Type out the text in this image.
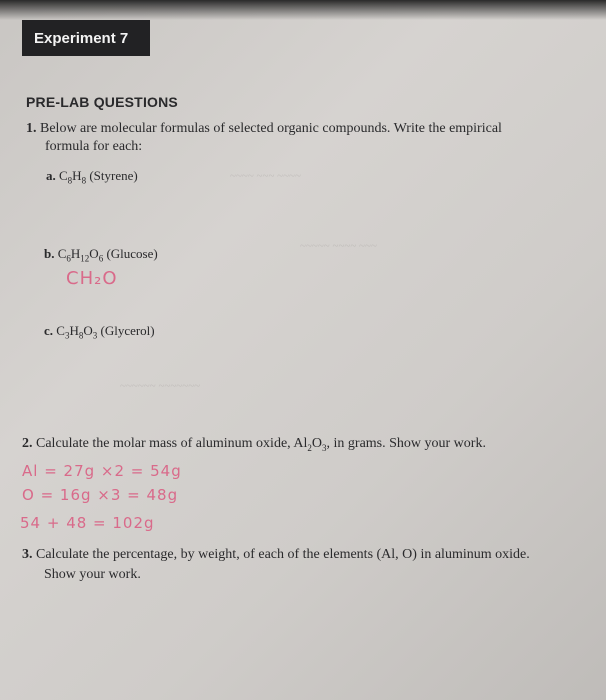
Experiment 7
PRE-LAB QUESTIONS
~~~~ ~~~ ~~~~
~~~~~ ~~~~ ~~~
~~~~~~ ~~~~~~~
1. Below are molecular formulas of selected organic compounds. Write the empirical
formula for each:
a. $C_8H_8$ (Styrene)
b. $C_6H_{12}O_6$ (Glucose)
CH₂O
c. $C_3H_8O_3$ (Glycerol)
2. Calculate the molar mass of aluminum oxide, $Al_2O_3$, in grams. Show your work.
Al = 27g ×2 = 54g
O = 16g ×3 = 48g
54 + 48 = 102g
3. Calculate the percentage, by weight, of each of the elements (Al, O) in aluminum oxide.
Show your work.
